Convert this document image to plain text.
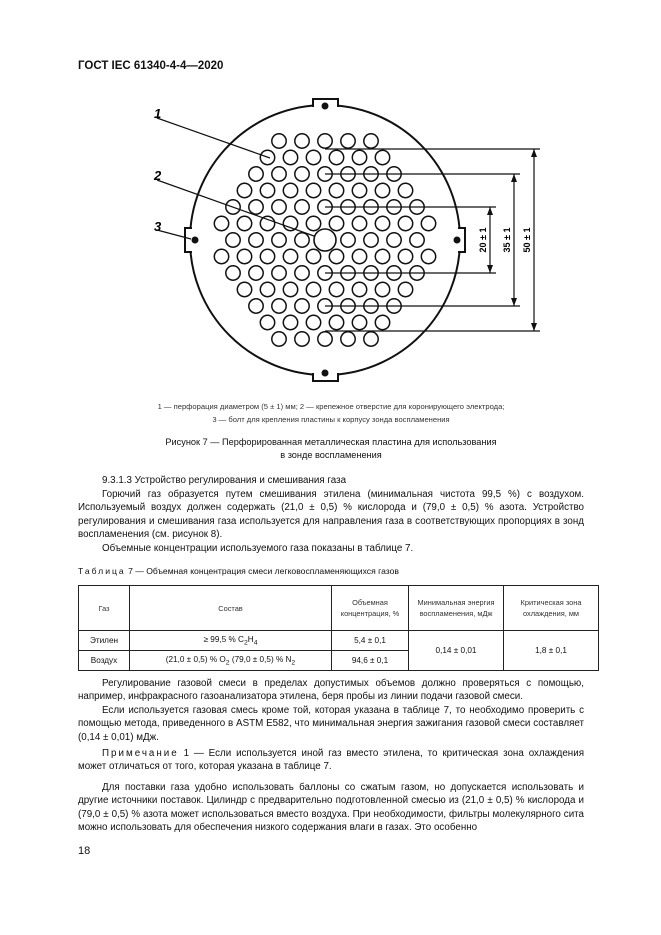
ГОСТ IEC 61340-4-4—2020
1
2
3
20 ± 1 35 ± 1 50 ± 1
1 — перфорация диаметром (5 ± 1) мм; 2 — крепежное отверстие для коронирующего электрода;
3 — болт для крепления пластины к корпусу зонда воспламенения
Рисунок 7 — Перфорированная металлическая пластина для использования
в зонде воспламенения
9.3.1.3 Устройство регулирования и смешивания газа
Горючий газ образуется путем смешивания этилена (минимальная чистота 99,5 %) с воздухом. Используемый воздух должен содержать (21,0 ± 0,5) % кислорода и (79,0 ± 0,5) % азота. Устройство регулирования и смешивания газа используется для направления газа в соответствующих пропорциях в зонд воспламенения (см. рисунок 8).
Объемные концентрации используемого газа показаны в таблице 7.
Таблица 7 — Объемная концентрация смеси легковоспламеняющихся газов
Газ	Состав	Объемная концентрация, %	Минимальная энергия воспламенения, мДж	Критическая зона охлаждения, мм
Этилен	≥ 99,5 % $C_2H_4$	5,4 ± 0,1	0,14 ± 0,01	1,8 ± 0,1
Воздух	(21,0 ± 0,5) % $O_2$ (79,0 ± 0,5) % $N_2$	94,6 ± 0,1		
Регулирование газовой смеси в пределах допустимых объемов должно проверяться с помощью, например, инфракрасного газоанализатора этилена, беря пробы из линии подачи газовой смеси.
Если используется газовая смесь кроме той, которая указана в таблице 7, то необходимо проверить с помощью метода, приведенного в ASTM E582, что минимальная энергия зажигания газовой смеси составляет (0,14 ± 0,01) мДж.
Примечание 1 — Если используется иной газ вместо этилена, то критическая зона охлаждения может отличаться от того, которая указана в таблице 7.
Для поставки газа удобно использовать баллоны со сжатым газом, но допускается использовать и другие источники поставок. Цилиндр с предварительно подготовленной смесью из (21,0 ± 0,5) % кислорода и (79,0 ± 0,5) % азота может использоваться вместо воздуха. При необходимости, фильтры молекулярного сита можно использовать для обеспечения низкого содержания влаги в газах. Это особенно
18
